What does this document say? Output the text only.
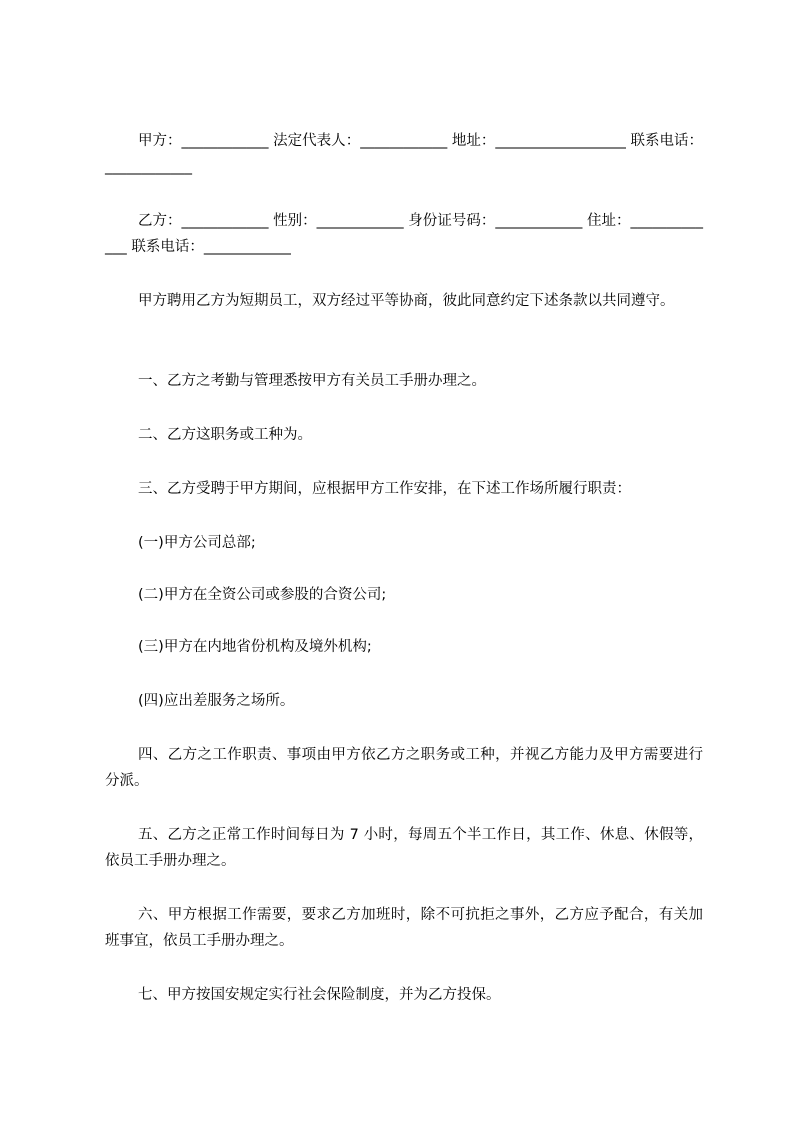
甲方：____________ 法定代表人：____________ 地址：__________________ 联系电话：____________

乙方：____________ 性别：____________ 身份证号码：____________ 住址：_____________ 联系电话：____________

甲方聘用乙方为短期员工，双方经过平等协商，彼此同意约定下述条款以共同遵守。

一、乙方之考勤与管理悉按甲方有关员工手册办理之。

二、乙方这职务或工种为。

三、乙方受聘于甲方期间，应根据甲方工作安排，在下述工作场所履行职责：

(一)甲方公司总部;

(二)甲方在全资公司或参股的合资公司;

(三)甲方在内地省份机构及境外机构;

(四)应出差服务之场所。

四、乙方之工作职责、事项由甲方依乙方之职务或工种，并视乙方能力及甲方需要进行分派。

五、乙方之正常工作时间每日为 7 小时，每周五个半工作日，其工作、休息、休假等，依员工手册办理之。

六、甲方根据工作需要，要求乙方加班时，除不可抗拒之事外，乙方应予配合，有关加班事宜，依员工手册办理之。

七、甲方按国安规定实行社会保险制度，并为乙方投保。
